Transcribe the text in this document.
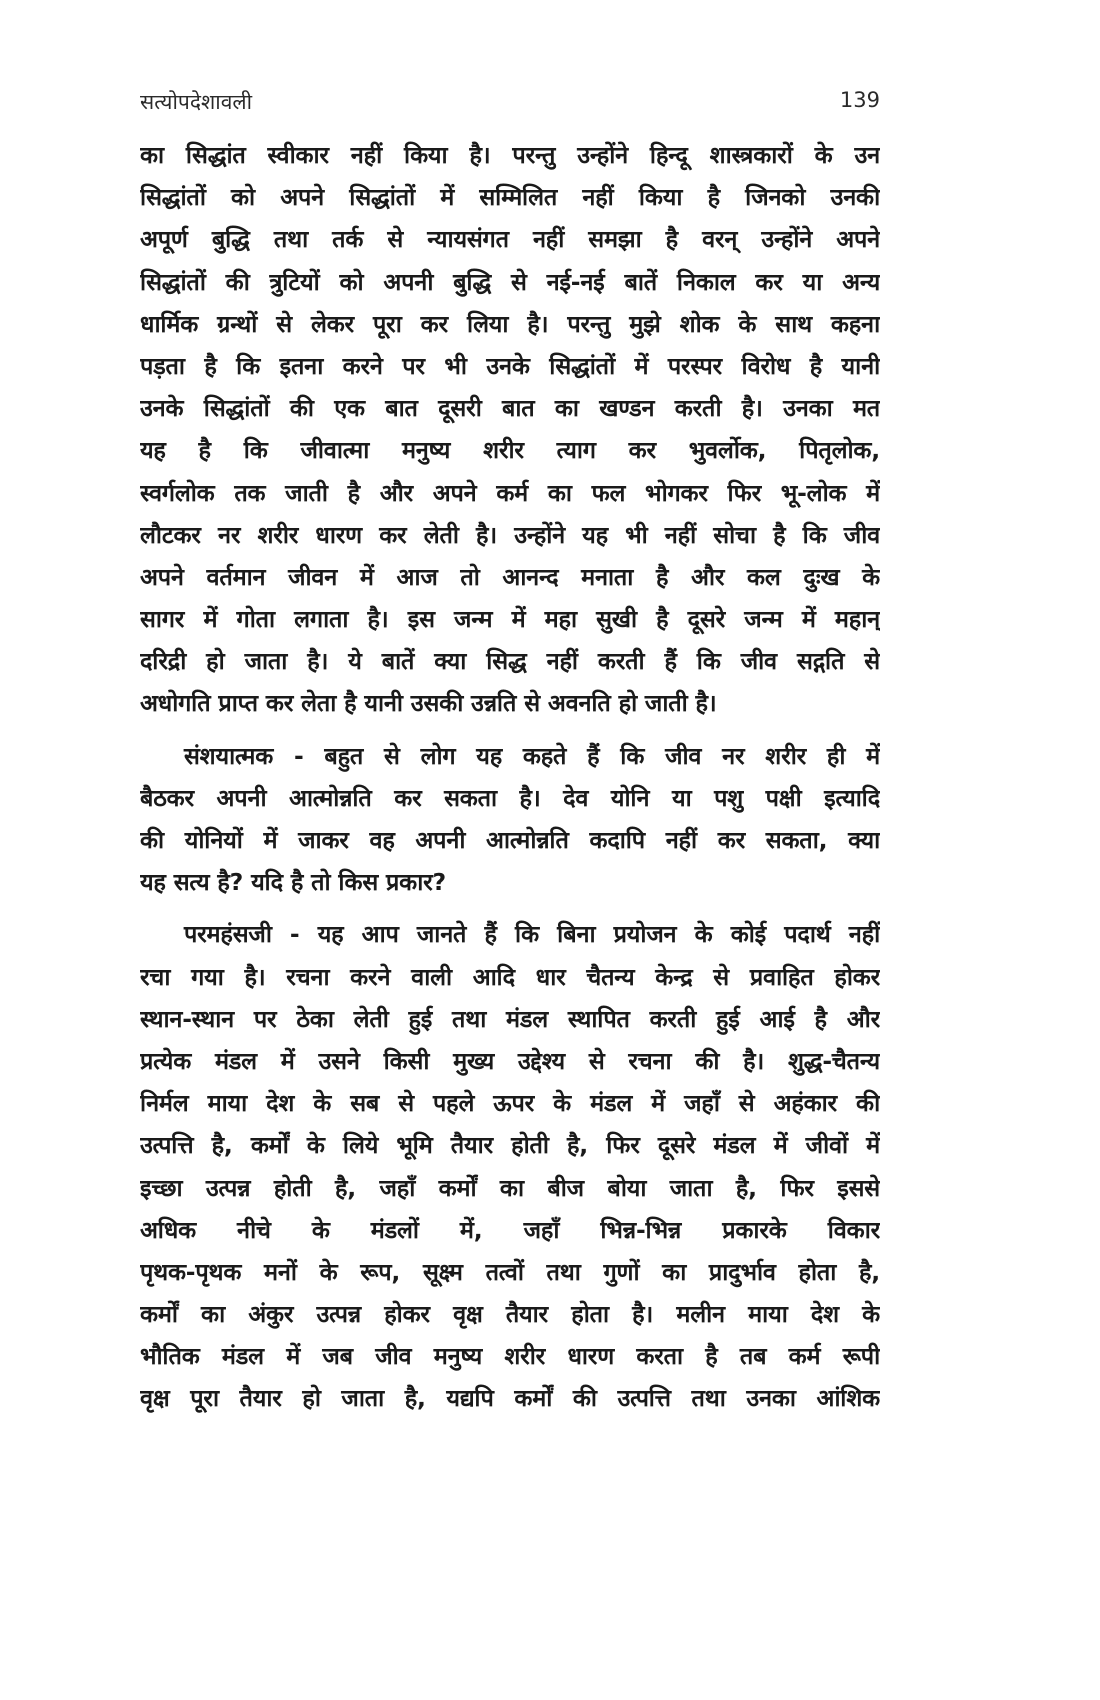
सत्योपदेशावली	139
का सिद्धांत स्वीकार नहीं किया है। परन्तु उन्होंने हिन्दू शास्त्रकारों के उन
सिद्धांतों को अपने सिद्धांतों में सम्मिलित नहीं किया है जिनको उनकी
अपूर्ण बुद्धि तथा तर्क से न्यायसंगत नहीं समझा है वरन् उन्होंने अपने
सिद्धांतों की त्रुटियों को अपनी बुद्धि से नई-नई बातें निकाल कर या अन्य
धार्मिक ग्रन्थों से लेकर पूरा कर लिया है। परन्तु मुझे शोक के साथ कहना
पड़ता है कि इतना करने पर भी उनके सिद्धांतों में परस्पर विरोध है यानी
उनके सिद्धांतों की एक बात दूसरी बात का खण्डन करती है। उनका मत
यह है कि जीवात्मा मनुष्य शरीर त्याग कर भुवर्लोक, पितृलोक,
स्वर्गलोक तक जाती है और अपने कर्म का फल भोगकर फिर भू-लोक में
लौटकर नर शरीर धारण कर लेती है। उन्होंने यह भी नहीं सोचा है कि जीव
अपने वर्तमान जीवन में आज तो आनन्द मनाता है और कल दुःख के
सागर में गोता लगाता है। इस जन्म में महा सुखी है दूसरे जन्म में महान्
दरिद्री हो जाता है। ये बातें क्या सिद्ध नहीं करती हैं कि जीव सद्गति से
अधोगति प्राप्त कर लेता है यानी उसकी उन्नति से अवनति हो जाती है।
संशयात्मक - बहुत से लोग यह कहते हैं कि जीव नर शरीर ही में
बैठकर अपनी आत्मोन्नति कर सकता है। देव योनि या पशु पक्षी इत्यादि
की योनियों में जाकर वह अपनी आत्मोन्नति कदापि नहीं कर सकता, क्या
यह सत्य है? यदि है तो किस प्रकार?
परमहंसजी - यह आप जानते हैं कि बिना प्रयोजन के कोई पदार्थ नहीं
रचा गया है। रचना करने वाली आदि धार चैतन्य केन्द्र से प्रवाहित होकर
स्थान-स्थान पर ठेका लेती हुई तथा मंडल स्थापित करती हुई आई है और
प्रत्येक मंडल में उसने किसी मुख्य उद्देश्य से रचना की है। शुद्ध-चैतन्य
निर्मल माया देश के सब से पहले ऊपर के मंडल में जहाँ से अहंकार की
उत्पत्ति है, कर्मों के लिये भूमि तैयार होती है, फिर दूसरे मंडल में जीवों में
इच्छा उत्पन्न होती है, जहाँ कर्मों का बीज बोया जाता है, फिर इससे
अधिक नीचे के मंडलों में, जहाँ भिन्न-भिन्न प्रकारके विकार
पृथक-पृथक मनों के रूप, सूक्ष्म तत्वों तथा गुणों का प्रादुर्भाव होता है,
कर्मों का अंकुर उत्पन्न होकर वृक्ष तैयार होता है। मलीन माया देश के
भौतिक मंडल में जब जीव मनुष्य शरीर धारण करता है तब कर्म रूपी
वृक्ष पूरा तैयार हो जाता है, यद्यपि कर्मों की उत्पत्ति तथा उनका आंशिक
